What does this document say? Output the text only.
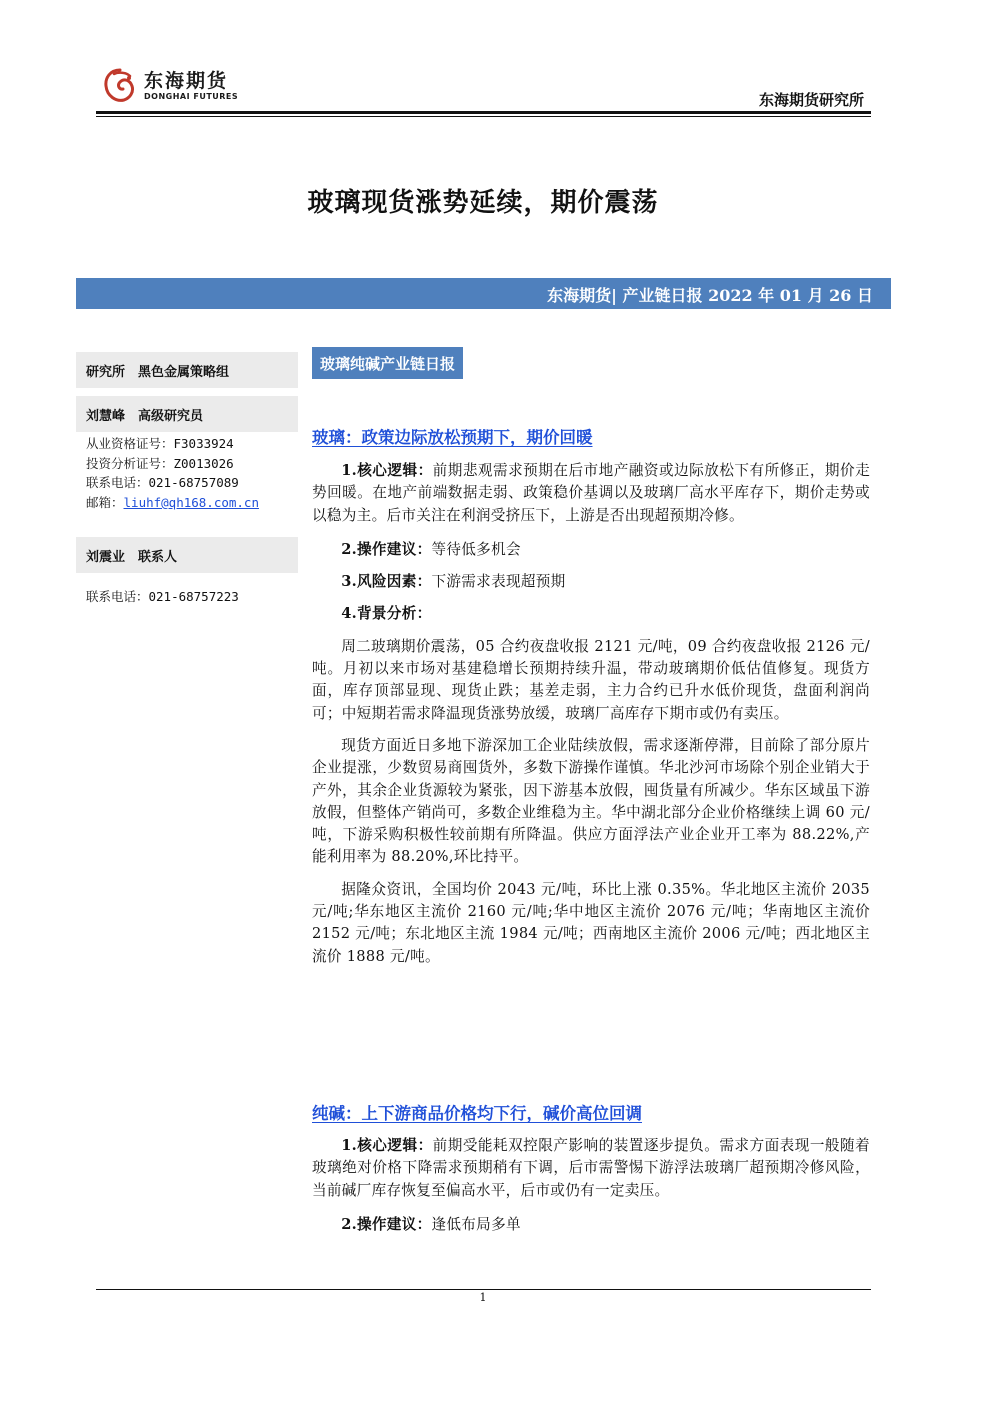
东海期货
DONGHAI FUTURES	东海期货研究所
玻璃现货涨势延续，期价震荡
东海期货| 产业链日报 2022 年 01 月 26 日
研究所　黑色金属策略组
刘慧峰　高级研究员
从业资格证号：F3033924
投资分析证号：Z0013026
联系电话：021-68757089
邮箱：liuhf@qh168.com.cn
刘震业　联系人
联系电话：021-68757223
玻璃纯碱产业链日报
玻璃：政策边际放松预期下，期价回暖

1.核心逻辑：前期悲观需求预期在后市地产融资或边际放松下有所修正，期价走势回暖。在地产前端数据走弱、政策稳价基调以及玻璃厂高水平库存下，期价走势或以稳为主。后市关注在利润受挤压下，上游是否出现超预期冷修。

2.操作建议：等待低多机会

3.风险因素：下游需求表现超预期

4.背景分析：

周二玻璃期价震荡，05 合约夜盘收报 2121 元/吨，09 合约夜盘收报 2126 元/吨。月初以来市场对基建稳增长预期持续升温，带动玻璃期价低估值修复。现货方面，库存顶部显现、现货止跌；基差走弱，主力合约已升水低价现货，盘面利润尚可；中短期若需求降温现货涨势放缓，玻璃厂高库存下期市或仍有卖压。

现货方面近日多地下游深加工企业陆续放假，需求逐渐停滞，目前除了部分原片企业提涨，少数贸易商囤货外，多数下游操作谨慎。华北沙河市场除个别企业销大于产外，其余企业货源较为紧张，因下游基本放假，囤货量有所减少。华东区域虽下游放假，但整体产销尚可，多数企业维稳为主。华中湖北部分企业价格继续上调 60 元/吨，下游采购积极性较前期有所降温。供应方面浮法产业企业开工率为 88.22%,产能利用率为 88.20%,环比持平。

据隆众资讯，全国均价 2043 元/吨，环比上涨 0.35%。华北地区主流价 2035 元/吨;华东地区主流价 2160 元/吨;华中地区主流价 2076 元/吨；华南地区主流价 2152 元/吨；东北地区主流 1984 元/吨；西南地区主流价 2006 元/吨；西北地区主流价 1888 元/吨。

纯碱：上下游商品价格均下行，碱价高位回调

1.核心逻辑：前期受能耗双控限产影响的装置逐步提负。需求方面表现一般随着玻璃绝对价格下降需求预期稍有下调，后市需警惕下游浮法玻璃厂超预期冷修风险，当前碱厂库存恢复至偏高水平，后市或仍有一定卖压。

2.操作建议：逢低布局多单

1
